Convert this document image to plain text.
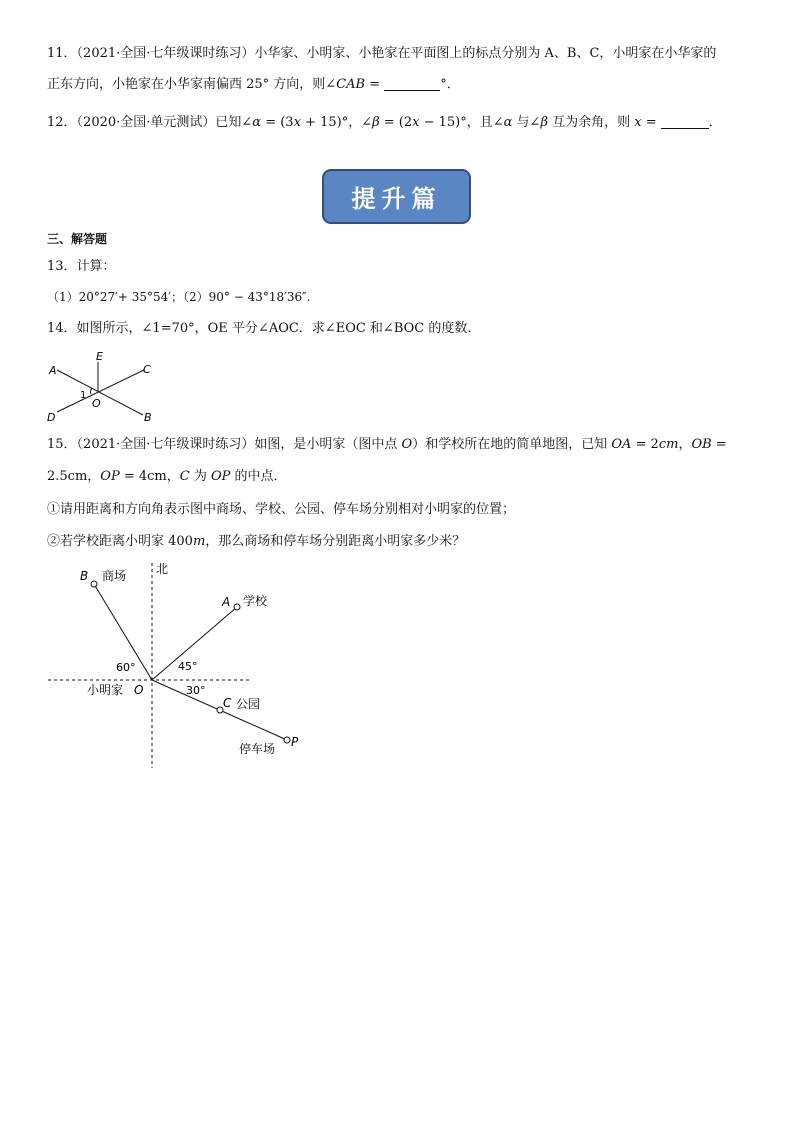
11．（2021·全国·七年级课时练习）小华家、小明家、小艳家在平面图上的标点分别为 A、B、C，小明家在小华家的
正东方向，小艳家在小华家南偏西 25° 方向，则∠CAB =	°．
12．（2020·全国·单元测试）已知∠α = (3x + 15)°，∠β = (2x − 15)°，且∠α 与∠β 互为余角，则 x =	．
提升篇
三、解答题
13．计算：
（1）20°27′+ 35°54′；（2）90° − 43°18′36″.
14．如图所示，∠1=70°，OE 平分∠AOC．求∠EOC 和∠BOC 的度数．
A
E
C
1
O
D	B
15．（2021·全国·七年级课时练习）如图，是小明家（图中点 O）和学校所在地的简单地图，已知 OA = 2cm，OB =
2.5cm，OP = 4cm，C 为 OP 的中点．
①请用距离和方向角表示图中商场、学校、公园、停车场分别相对小明家的位置；
②若学校距离小明家 400m，那么商场和停车场分别距离小明家多少米？
北
B 商场
A 学校
60°	45°
30°
小明家 O
C 公园
停车场 P
